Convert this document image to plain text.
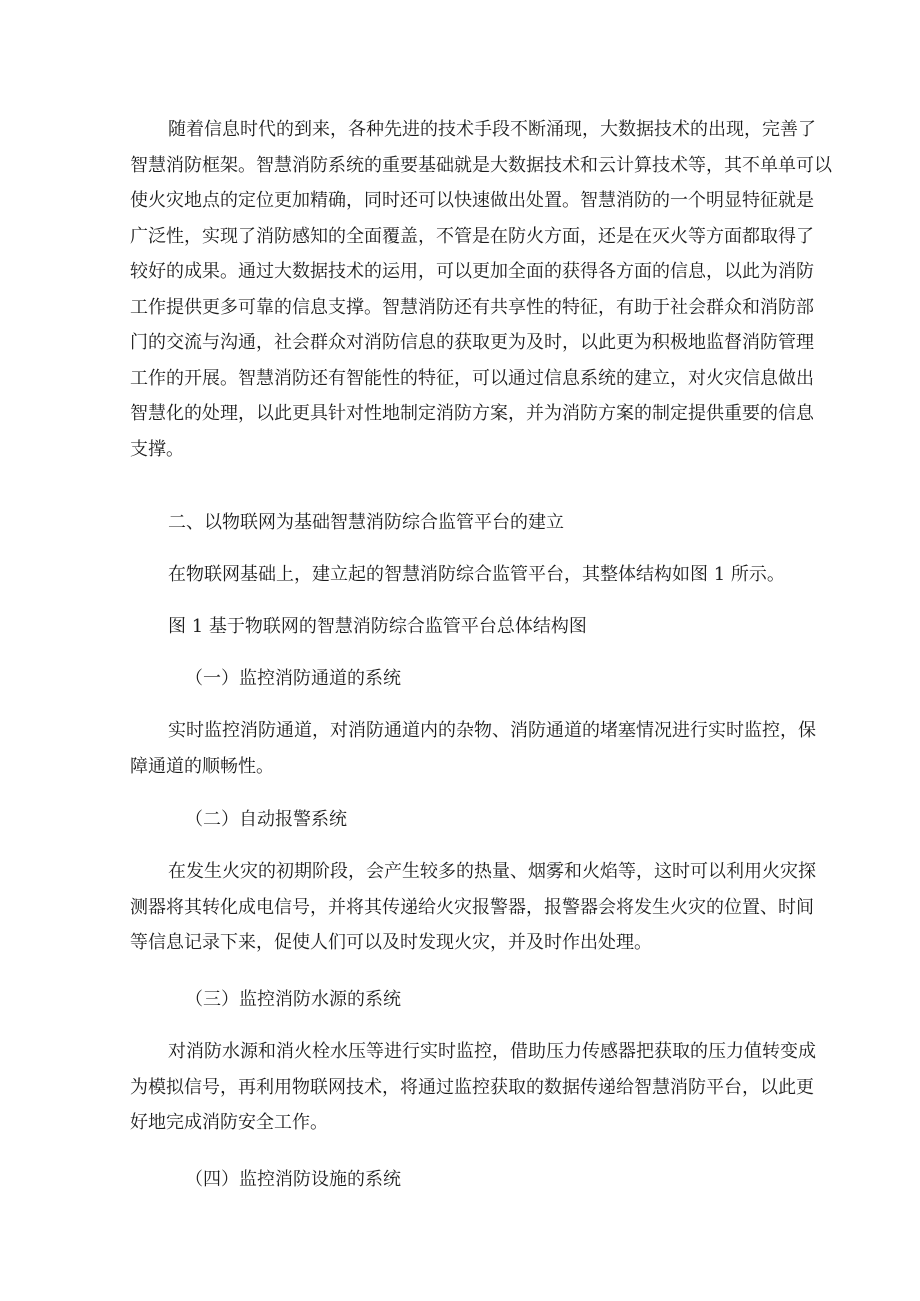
随着信息时代的到来，各种先进的技术手段不断涌现，大数据技术的出现，完善了
智慧消防框架。智慧消防系统的重要基础就是大数据技术和云计算技术等，其不单单可以
使火灾地点的定位更加精确，同时还可以快速做出处置。智慧消防的一个明显特征就是
广泛性，实现了消防感知的全面覆盖，不管是在防火方面，还是在灭火等方面都取得了
较好的成果。通过大数据技术的运用，可以更加全面的获得各方面的信息，以此为消防
工作提供更多可靠的信息支撑。智慧消防还有共享性的特征，有助于社会群众和消防部
门的交流与沟通，社会群众对消防信息的获取更为及时，以此更为积极地监督消防管理
工作的开展。智慧消防还有智能性的特征，可以通过信息系统的建立，对火灾信息做出
智慧化的处理，以此更具针对性地制定消防方案，并为消防方案的制定提供重要的信息
支撑。

二、以物联网为基础智慧消防综合监管平台的建立

在物联网基础上，建立起的智慧消防综合监管平台，其整体结构如图 1 所示。

图 1 基于物联网的智慧消防综合监管平台总体结构图

（一）监控消防通道的系统

实时监控消防通道，对消防通道内的杂物、消防通道的堵塞情况进行实时监控，保
障通道的顺畅性。

（二）自动报警系统

在发生火灾的初期阶段，会产生较多的热量、烟雾和火焰等，这时可以利用火灾探
测器将其转化成电信号，并将其传递给火灾报警器，报警器会将发生火灾的位置、时间
等信息记录下来，促使人们可以及时发现火灾，并及时作出处理。

（三）监控消防水源的系统

对消防水源和消火栓水压等进行实时监控，借助压力传感器把获取的压力值转变成
为模拟信号，再利用物联网技术，将通过监控获取的数据传递给智慧消防平台，以此更
好地完成消防安全工作。

（四）监控消防设施的系统
